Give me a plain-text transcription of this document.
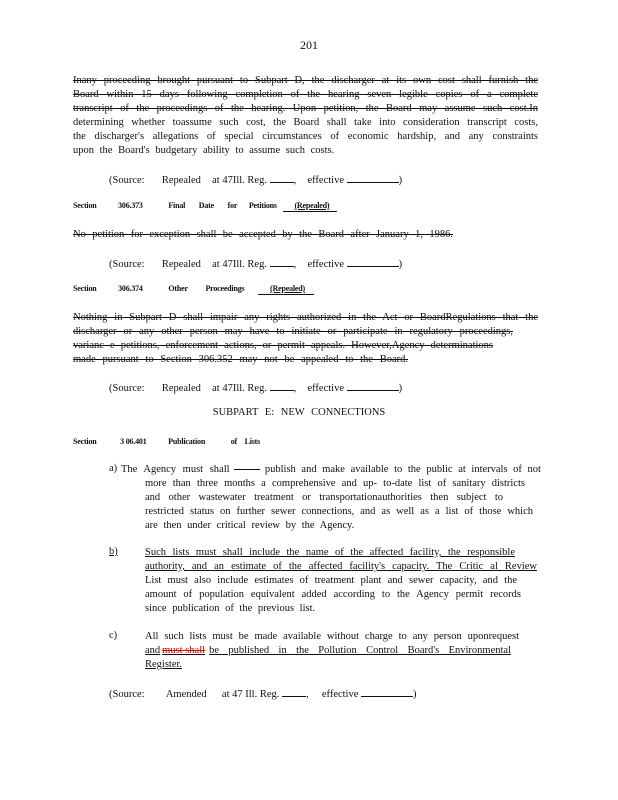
201
Inany proceeding brought pursuant to Subpart D, the discharger at its own cost shall furnish the
Board within 15 days following completion of the hearing seven legible copies of a complete
transcript of the proceedings of the hearing. Upon petition, the Board may assume such cost.In
determining whether toassume such cost, the Board shall take into consideration transcript costs,
the discharger's allegations of special circumstances of economic hardship, and any constraints
upon the Board's budgetary ability to assume such costs.
(Source: Repealed at 47Ill. Reg.	, effective	)
Section	306.373	Final Date for Petitions (Repealed)
No petition for exception shall be accepted by the Board after January 1, 1986.
(Source: Repealed at 47Ill. Reg.	, effective	)
Section	306.374	Other Proceedings	(Repealed)
Nothing in Subpart D shall impair any rights authorized in the Act or BoardRegulations that the
discharger or any other person may have to initiate or participate in regulatory proceedings,
varianc e petitions, enforcement actions, or permit appeals. However,Agency determinations
made pursuant to Section 306.352 may not be appealed to the Board.
(Source: Repealed at 47Ill. Reg.	, effective	)
SUBPART E: NEW CONNECTIONS
Section	3 06.401	Publication	of Lists
a) The Agency must shall	publish and make available to the public at intervals of not
more than three months a comprehensive and up- to-date list of sanitary districts
and other wastewater treatment or transportationauthorities then subject to
restricted status on further sewer connections, and as well as a list of those which
are then under critical review by the Agency.
b)	Such lists must shall include the name of the affected facility, the responsible
authority, and an estimate of the affected facility's capacity. The Critic al Review
List must also include estimates of treatment plant and sewer capacity, and the
amount of population equivalent added according to the Agency permit records
since publication of the previous list.
c)	All such lists must be made available without charge to any person uponrequest
and must shall be published in the Pollution Control Board's Environmental
Register.
(Source: Amended at 47 Ill. Reg.	, effective	)
